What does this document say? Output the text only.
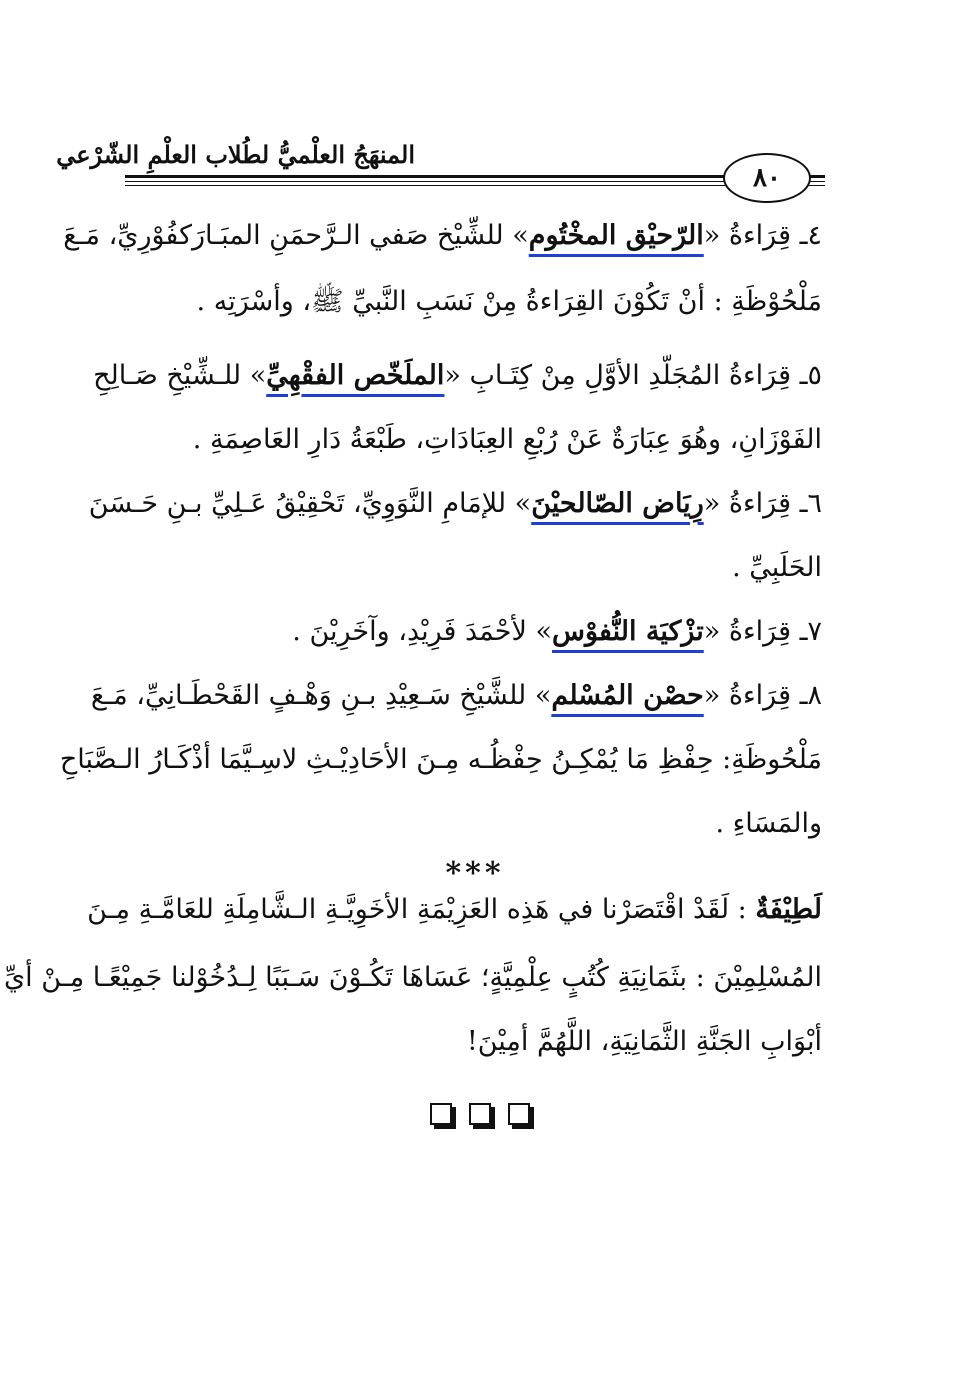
المنهَجُ العلْميُّ لطُلاب العلْمِ الشّرْعي
٨٠
٤ـ قِرَاءةُ «الرّحيْق المخْتُوم» للشِّيْخ صَفي الـرَّحمَنِ المبَـارَكفُوْرِيِّ، مَـعَ
مَلْحُوْظَةِ : أنْ تَكُوْنَ القِرَاءةُ مِنْ نَسَبِ النَّبيِّ ﷺ، وأسْرَتِه .
٥ـ قِرَاءةُ المُجَلّدِ الأوَّلِ مِنْ كِتَـابِ «الملَخّص الفقْهِيِّ» للـشِّيْخِ صَـالِحِ
الفَوْزَانِ، وهُوَ عِبَارَةٌ عَنْ رُبْعِ العِبَادَاتِ، طَبْعَةُ دَارِ العَاصِمَةِ .
٦ـ قِرَاءةُ «رِيَاض الصّالحيْنَ» للإمَامِ النَّوَوِيِّ، تَحْقِيْقُ عَـلِيِّ بـنِ حَـسَنَ
الحَلَبِيِّ .
٧ـ قِرَاءةُ «تزْكيَة النُّفوْس» لأحْمَدَ فَرِيْدِ، وآخَرِيْنَ .
٨ـ قِرَاءةُ «حصْن المُسْلم» للشَّيْخِ سَـعِيْدِ بـنِ وَهْـفٍ القَحْطَـانِيِّ، مَـعَ
مَلْحُوظَةِ: حِفْظِ مَا يُمْكِـنُ حِفْظُـه مِـنَ الأحَادِيْـثِ لاسِـيَّمَا أذْكَـارُ الـصَّبَاحِ
والمَسَاءِ .
***
لَطِيْفَةٌ : لَقَدْ اقْتَصَرْنا في هَذِه العَزِيْمَةِ الأخَوِيَّـةِ الـشَّامِلَةِ للعَامَّـةِ مِـنَ
المُسْلِمِيْنَ : بثَمَانِيَةِ كُتُبٍ عِلْمِيَّةٍ؛ عَسَاهَا تَكُـوْنَ سَـبَبًا لِـدُخُوْلنا جَمِيْعًـا مِـنْ أيِّ
أبْوَابِ الجَنَّةِ الثَّمَانِيَةِ، اللَّهُمَّ أمِيْنَ!
